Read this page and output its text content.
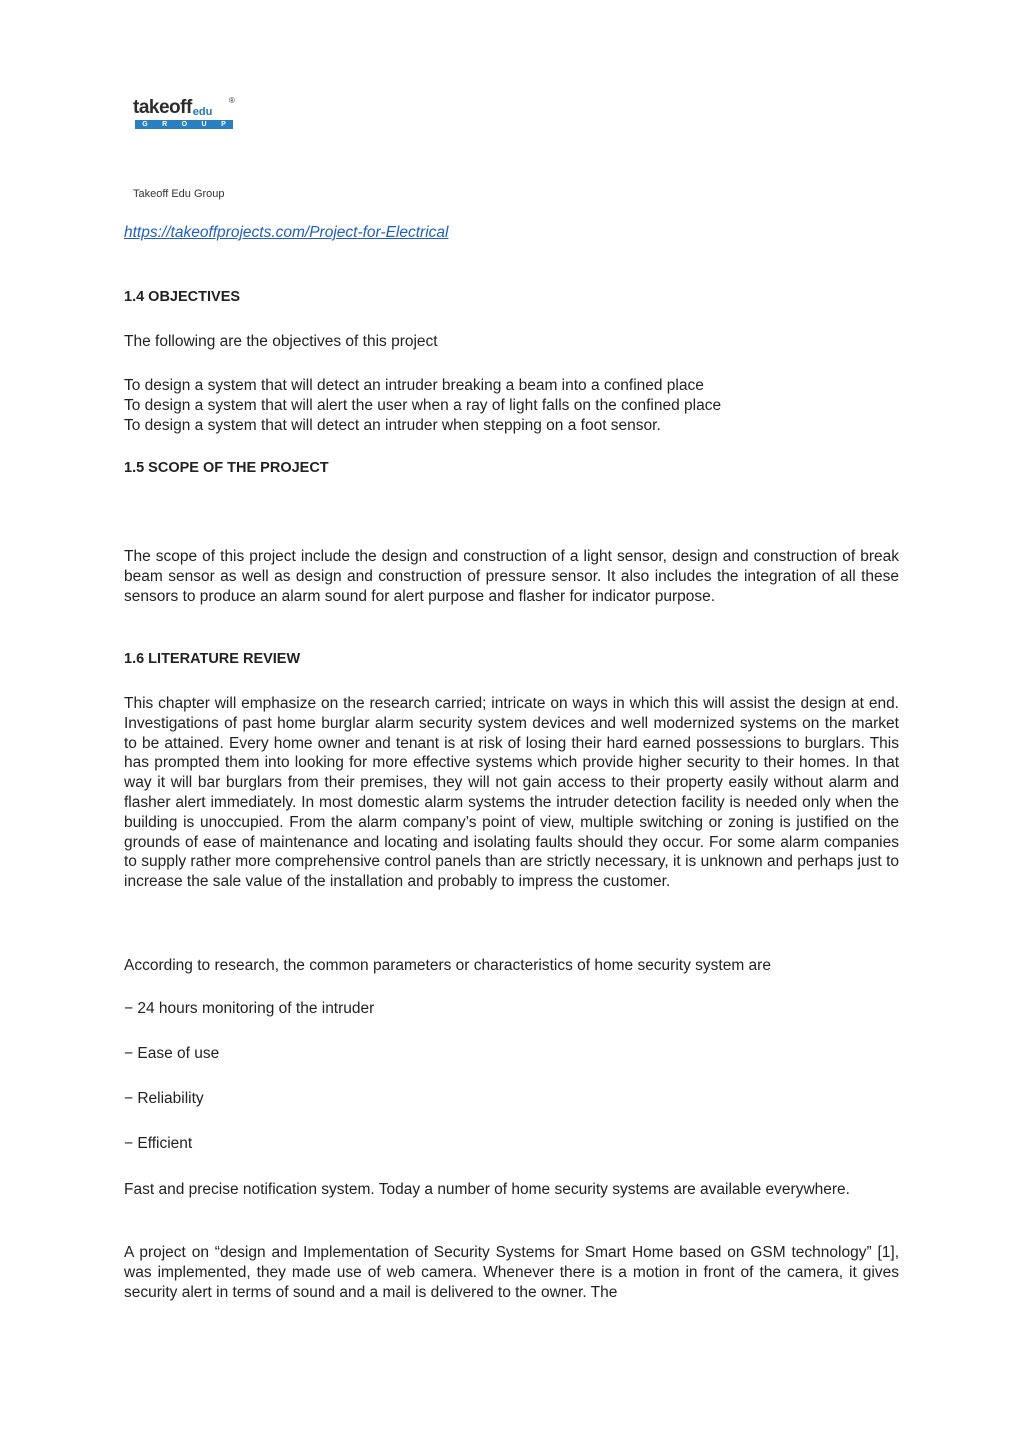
takeoffedu
®
G R O U P
Takeoff Edu Group
https://takeoffprojects.com/Project-for-Electrical
1.4 OBJECTIVES

The following are the objectives of this project

To design a system that will detect an intruder breaking a beam into a confined place

To design a system that will alert the user when a ray of light falls on the confined place

To design a system that will detect an intruder when stepping on a foot sensor.

1.5 SCOPE OF THE PROJECT

The scope of this project include the design and construction of a light sensor, design and construction of break beam sensor as well as design and construction of pressure sensor. It also includes the integration of all these sensors to produce an alarm sound for alert purpose and flasher for indicator purpose.

1.6 LITERATURE REVIEW

This chapter will emphasize on the research carried; intricate on ways in which this will assist the design at end. Investigations of past home burglar alarm security system devices and well modernized systems on the market to be attained. Every home owner and tenant is at risk of losing their hard earned possessions to burglars. This has prompted them into looking for more effective systems which provide higher security to their homes. In that way it will bar burglars from their premises, they will not gain access to their property easily without alarm and flasher alert immediately. In most domestic alarm systems the intruder detection facility is needed only when the building is unoccupied. From the alarm company’s point of view, multiple switching or zoning is justified on the grounds of ease of maintenance and locating and isolating faults should they occur. For some alarm companies to supply rather more comprehensive control panels than are strictly necessary, it is unknown and perhaps just to increase the sale value of the installation and probably to impress the customer.

According to research, the common parameters or characteristics of home security system are

− 24 hours monitoring of the intruder

− Ease of use

− Reliability

− Efficient

Fast and precise notification system. Today a number of home security systems are available everywhere.

A project on “design and Implementation of Security Systems for Smart Home based on GSM technology” [1], was implemented, they made use of web camera. Whenever there is a motion in front of the camera, it gives security alert in terms of sound and a mail is delivered to the owner. The
